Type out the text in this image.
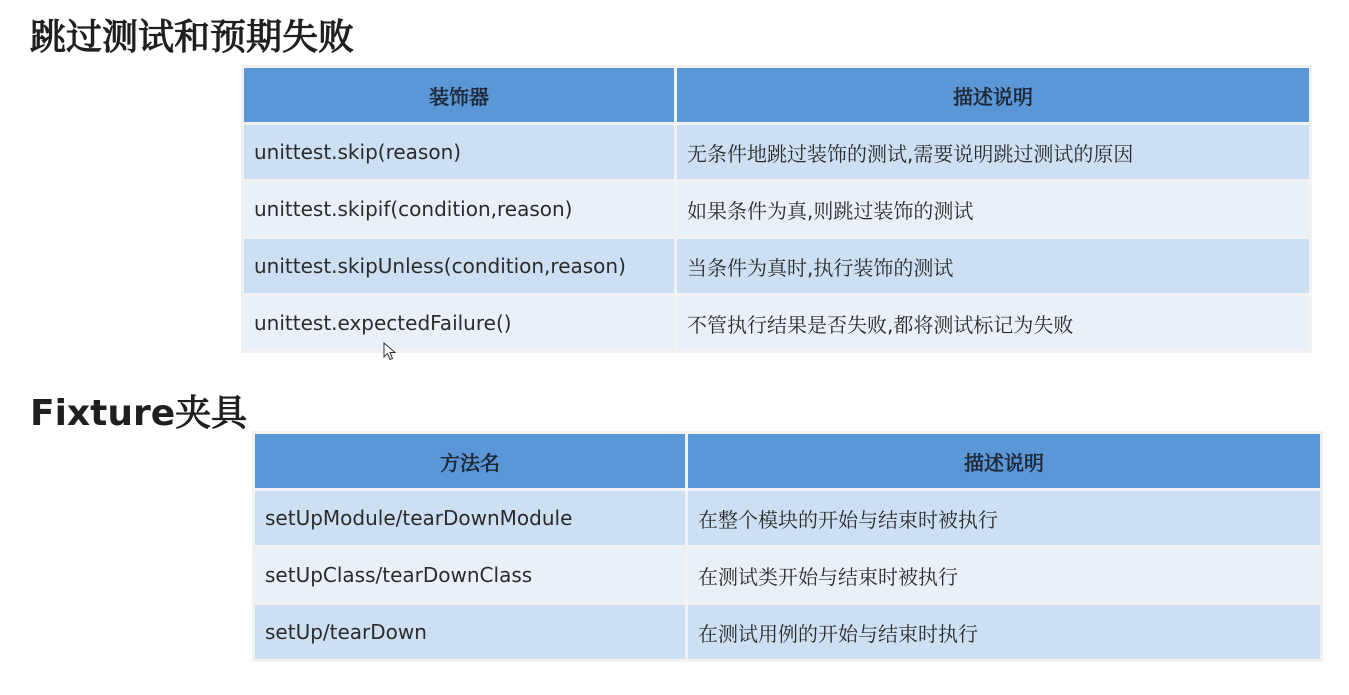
跳过测试和预期失败
装饰器	描述说明
unittest.skip(reason)	无条件地跳过装饰的测试,需要说明跳过测试的原因
unittest.skipif(condition,reason)	如果条件为真,则跳过装饰的测试
unittest.skipUnless(condition,reason)	当条件为真时,执行装饰的测试
unittest.expectedFailure()	不管执行结果是否失败,都将测试标记为失败
Fixture夹具
方法名	描述说明
setUpModule/tearDownModule	在整个模块的开始与结束时被执行
setUpClass/tearDownClass	在测试类开始与结束时被执行
setUp/tearDown	在测试用例的开始与结束时执行
